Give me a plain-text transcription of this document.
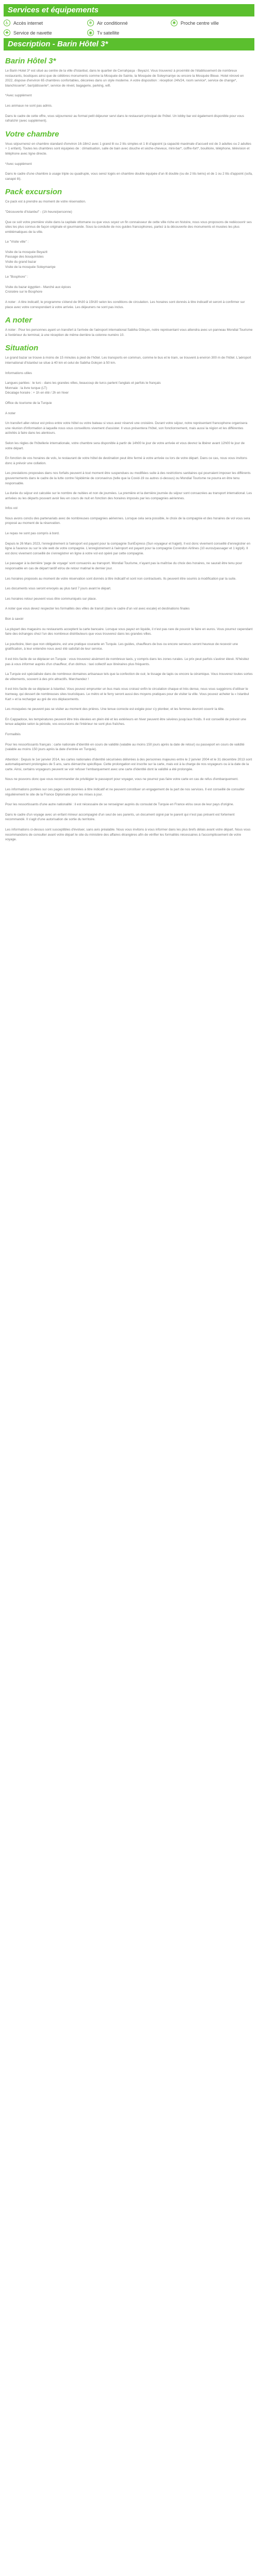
Services et équipements
♿ Accès internet	❄	Air conditionné	✱	Proche centre ville
✚	Service de navette	◉	Tv satellite
Description - Barin Hôtel 3*
Barin Hôtel 3*

Le Barin Hotel 3* est situé au centre de la ville d'Istanbul, dans le quartier de Cerrahpaşa - Beyazıt. Vous trouverez à proximité de l'établissement de nombreux restaurants, boutiques ainsi que de célèbres monuments comme la Mosquée de Sainte, la Mosquée de Soleymaniye ou encore la Mosquée Bleue. Hotel rénové en 2022, dispose d'environ 65 chambres confortables, décorées dans un style moderne. A votre disposition : réception 24h/24, room service*, service de change*, blanchisserie*, bar/pâtisserie*, service de réveil, bagagerie, parking, wifi.

*Avec supplément

Les animaux ne sont pas admis.

Dans le cadre de cette offre, vous séjournerez au format petit déjeuner servi dans le restaurant principal de l'hôtel. Un lobby bar est également disponible pour vous rafraîchir (avec supplément).

Votre chambre

Vous séjournerez en chambre standard d'environ 16-18m2 avec 1 grand lit ou 2 lits simples et 1 lit d'appoint (a capacité maximale d'accueil est de 3 adultes ou 2 adultes + 1 enfant). Toutes les chambres sont équipées de : climatisation, salle de bain avec douche et sèche-cheveux, mini-bar*, coffre-fort*, bouilloire, téléphone, télévision et téléphone avec ligne directe.

*Avec supplément

Dans le cadre d'une chambre à usage triple ou quadruple, vous serez logés en chambre double équipée d'un lit double (ou de 2 lits twins) et de 1 ou 2 lits d'appoint (sofa, canapé lit).

Pack excursion

Ce pack est à prendre au moment de votre réservation.

"Découverte d'Istanbul" - (1h heure/personne)

Que ce soit votre première visite dans la capitale ottomane ou que vous soyez un fin connaisseur de cette ville riche en histoire, nous vous proposons de redécouvrir ses sites les plus connus de façon originale et gourmande. Sous la conduite de nos guides francophones, partez à la découverte des monuments et musées les plus emblématiques de la ville.

Le "Visite ville" :

Visite de la mosquée Beyazit
Passage des bouquinistes
Visite du grand bazar
Visite de la mosquée Soleymaniye

Le "Bosphore" :

Visite du bazar égyptien - Marché aux épices
Croisière sur le Bosphore

A noter : A titre indicatif, le programme s'étend de 9h30 à 15h30 selon les conditions de circulation. Les horaires sont donnés à titre indicatif et seront à confirmer sur place avec votre correspondant à votre arrivée. Les déjeuners ne sont pas inclus.

A noter

A noter : Pour les personnes ayant un transfert à l'arrivée de l'aéroport international Sabiha Gökçen, notre représentant vous attendra avec un panneau Mondial Tourisme à l'extérieur du terminal, à une réception de même derrière la colonne numéro 10.

Situation

Le grand bazar se trouve à moins de 15 minutes à pied de l'hôtel. Les transports en commun, comme le bus et le tram, se trouvent à environ 300 m de l'hôtel. L'aéroport international d'Istanbul se situe à 40 km et celui de Sabiha Gokçen à 50 km.

Informations utiles

Langues parlées : le turc - dans les grandes villes, beaucoup de turcs parlent l'anglais et parfois le français
Monnaie : la livre turque (LT)
Décalage horaire : + 1h en été / 2h en hiver

Office du tourisme de la Turquie

A noter

Un transfert aller-retour est prévu entre votre hôtel ou votre bateau si vous avez réservé une croisière. Durant votre séjour, notre représentant francophone organisera une réunion d'information à laquelle nous vous conseillons vivement d'assister. Il vous présentera l'hôtel, son fonctionnement, mais aussi la région et les différentes activités à faire dans les alentours.

Selon les règles de l'hôtellerie internationale, votre chambre sera disponible à partir de 14h00 le jour de votre arrivée et vous devrez la libérer avant 12h00 le jour de votre départ.

En fonction de vos horaires de vols, le restaurant de votre hôtel de destination peut être fermé à votre arrivée ou lors de votre départ. Dans ce cas, nous vous invitons donc à prévoir une collation.

Les prestations proposées dans nos forfaits peuvent à tout moment être suspendues ou modifiées suite à des restrictions sanitaires qui pourraient imposer les différents gouvernements dans le cadre de la lutte contre l'épidémie de coronavirus (telle que la Covid-19 ou autres ci-dessus) ou Mondial Tourisme ne pourra en être tenu responsable.

La durée du séjour est calculée sur le nombre de nuitées et non de journées. La première et la dernière journée du séjour sont consacrées au transport international. Les arrivées ou les départs pouvant avoir lieu en cours de nuit en fonction des horaires imposés par les compagnies aériennes.

Infos vol

Nous avons conclu des partenariats avec de nombreuses compagnies aériennes. Lorsque cela sera possible, le choix de la compagnie et des horaires de vol vous sera proposé au moment de la réservation.

Le repas ne sont pas compris à bord.

Depuis le 26 Mars 2023, l'enregistrement à l'aéroport est payant pour la compagnie SunExpress (Sun voyageur et hajjeli). Il est donc vivement conseillé d'enregistrer en ligne à l'avance ou sur le site web de votre compagnie. L'enregistrement à l'aéroport est payant pour la compagnie Corendon Airlines (10 euros/passager et 1 kg/pli). Il est donc vivement conseillé de s'enregistrer en ligne à votre vol est opéré par cette compagnie.

Le passager à la dernière 'page de voyage' sont consacrés au transport. Mondial Tourisme, n'ayant pas la maîtrise du choix des horaires, ne saurait être tenu pour responsable en cas de départ tardif et/ou de retour matinal le dernier jour.

Les horaires proposés au moment de votre réservation sont donnés à titre indicatif et sont non contractuels. Ils peuvent être soumis à modification par la suite.

Les documents vous seront envoyés au plus tard 7 jours avant le départ.

Les horaires retour peuvent vous être communiqués sur place.

A noter que vous devez respecter les formalités des villes de transit (dans le cadre d'un vol avec escale) et destinations finales

Bon à savoir

La plupart des magasins ou restaurants acceptent la carte bancaire. Lorsque vous payez en liquide, il n'est pas rare de pouvoir le faire en euros. Vous pourrez cependant faire des échanges chez l'un des nombreux distributeurs que vous trouverez dans les grandes villes.

Le pourboire, bien que non obligatoire, est une pratique courante en Turquie. Les guides, chauffeurs de bus ou encore serveurs seront heureux de recevoir une gratification, à leur entendre nous avez été satisfait de leur service.

Il est très facile de se déplacer en Turquie : vous trouverez aisément de nombreux taxis, y compris dans les zones rurales. Le prix peut parfois s'avérer élevé. N'hésitez pas à vous informer auprès d'un chauffeur, d'un dolmus : taxi collectif aux itinéraires plus fréquents.

La Turquie est spécialisée dans de nombreux domaines artisanaux tels que la confection de cuir, le tissage de tapis ou encore la céramique. Vous trouverez toutes sortes de vêtements, souvent à des prix attractifs. Marchandez !

Il est très facile de se déplacer à Istanbul. Vous pouvez emprunter un bus mais vous croisez enfin le circulation chaque et très dense, nous vous suggérons d'utiliser le tramway, qui dessert de nombreuses sites touristiques. Le métro et le ferry seront aussi des moyens pratiques pour de visiter la ville. Vous pouvez acheter la « Istanbul Kart » et la recharger au gré de vos déplacements.

Les mosquées ne peuvent pas se visiter au moment des prières. Une tenue correcte est exigée pour s'y plonber, et les femmes devront couvrir la tête.

En Cappadoce, les températures peuvent être très élevées en plein été et les extérieurs en hiver peuvent être sévères jusqu'aux froids. Il est conseillé de prévoir une tenue adaptée selon la période, vos excursions de l'intérieur ne sont plus fraîches.

Formalités

Pour les ressortissants français : carte nationale d'identité en cours de validité (valable au moins 150 jours après la date de retour) ou passeport en cours de validité (valable au moins 150 jours après la date d'entrée en Turquie).

Attention : Depuis le 1er janvier 2014, les cartes nationales d'identité sécurisées délivrées à des personnes majeures entre le 2 janvier 2004 et le 31 décembre 2013 sont automatiquement prolongées de 5 ans, sans démarche spécifique. Cette prolongation est inscrite sur la carte, mais est à la charge de nos voyageurs ou à la date de la carte. Ainsi, certains voyageurs peuvent se voir refuser l'embarquement avec une carte d'identité dont la validité a été prolongée.

Nous ne pouvons donc que vous recommander de privilégier le passeport pour voyager, vous ne pourrez pas faire votre carte en cas de refus d'embarquement.

Les informations portées sur ces pages sont données à titre indicatif et ne peuvent constituer un engagement de la part de nos services. Il est conseillé de consulter régulièrement le site de la France Diplomatie pour les mises à jour.

Pour les ressortissants d'une autre nationalité : il est nécessaire de se renseigner auprès du consulat de Turquie en France et/ou ceux de leur pays d'origine.

Dans le cadre d'un voyage avec un enfant mineur accompagné d'un seul de ses parents, un document signé par le parent qui n'est pas présent est fortement recommandé. Il s'agit d'une autorisation de sortie du territoire.

Les informations ci-dessus sont susceptibles d'évoluer, sans avis préalable. Nous vous invitons à vous informer dans les plus brefs délais avant votre départ. Nous vous recommandons de consulter avant votre départ le site du ministère des affaires étrangères afin de vérifier les formalités nécessaires à l'accomplissement de votre voyage.
